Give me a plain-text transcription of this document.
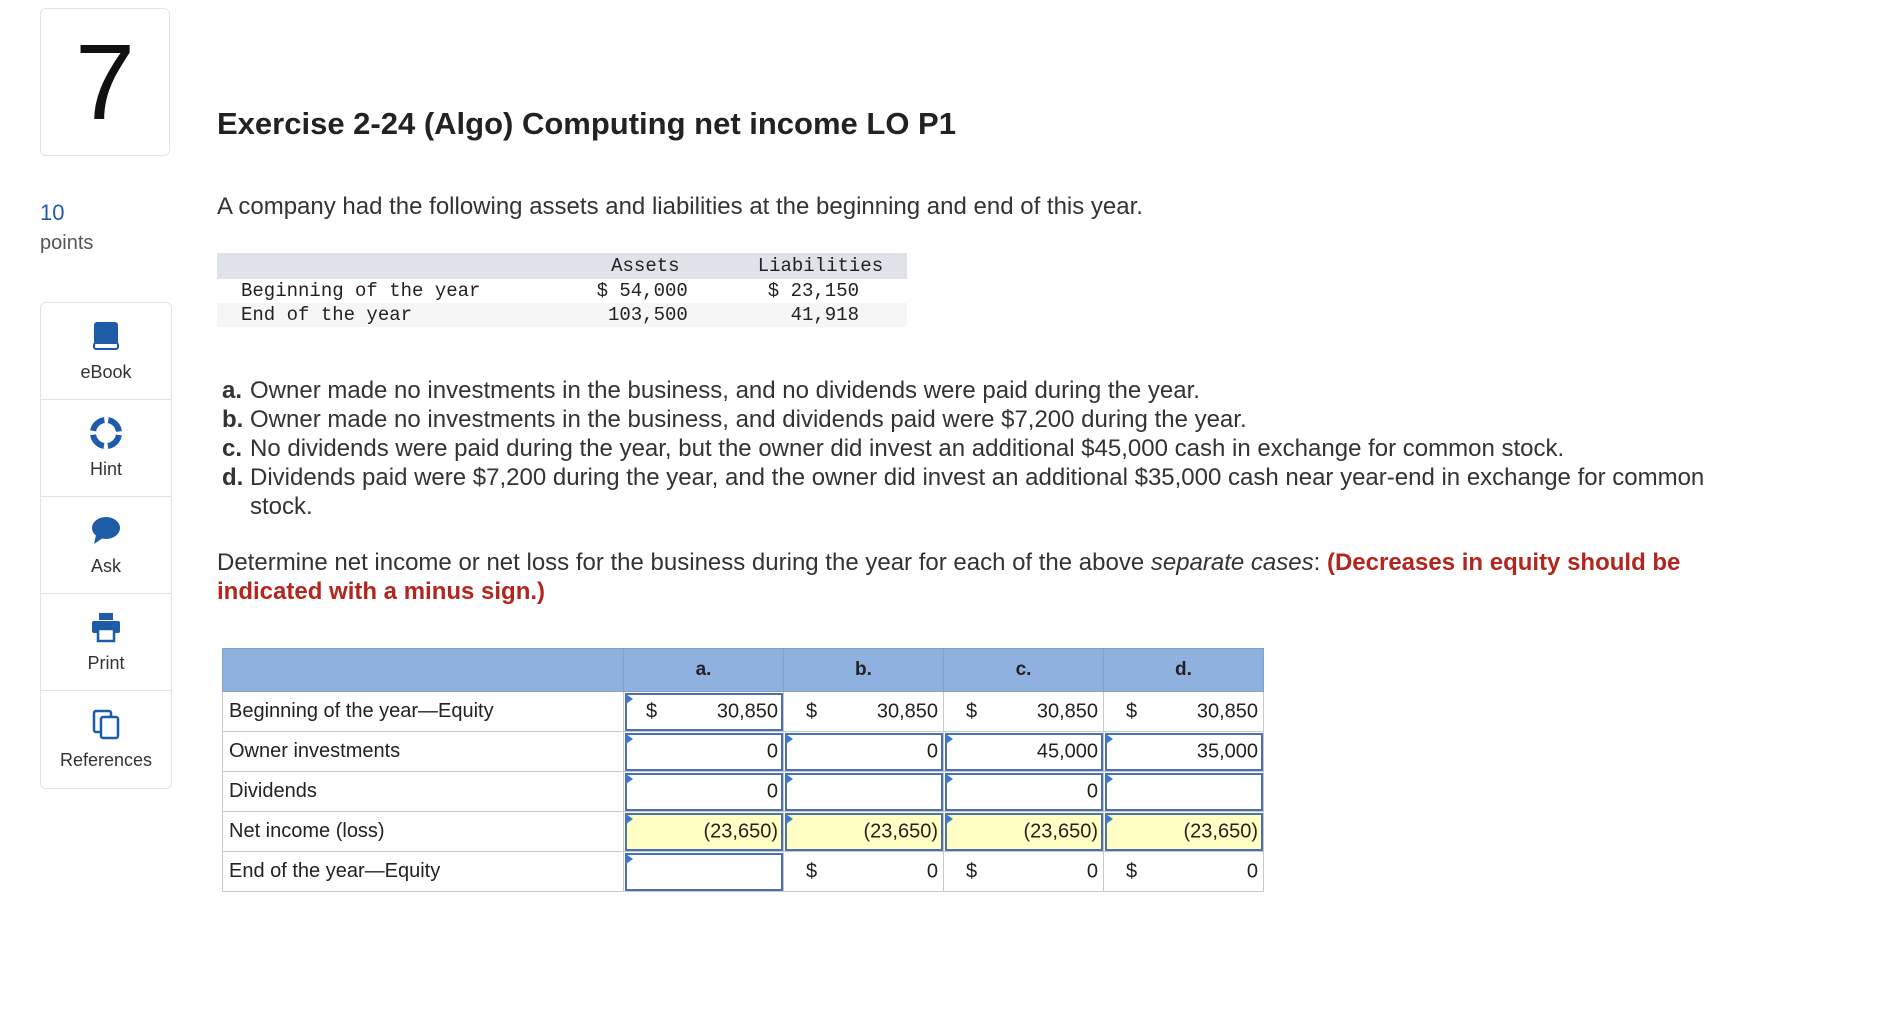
7
10
points
eBook
Hint
Ask
Print
References
Exercise 2-24 (Algo) Computing net income LO P1
A company had the following assets and liabilities at the beginning and end of this year.
	Assets	Liabilities
Beginning of the year	$ 54,000	$ 23,150
End of the year	103,500	41,918
a. Owner made no investments in the business, and no dividends were paid during the year.
b. Owner made no investments in the business, and dividends paid were $7,200 during the year.
c. No dividends were paid during the year, but the owner did invest an additional $45,000 cash in exchange for common stock.
d. Dividends paid were $7,200 during the year, and the owner did invest an additional $35,000 cash near year-end in exchange for common stock.
Determine net income or net loss for the business during the year for each of the above separate cases: (Decreases in equity should be indicated with a minus sign.)
	a.	b.	c.	d.
Beginning of the year—Equity	$ 30,850	$ 30,850	$ 30,850	$ 30,850

Owner investments	0	0	45,000	35,000

Dividends	0		0	

Net income (loss)	(23,650)	(23,650)	(23,650)	(23,650)

End of the year—Equity		$ 0	$ 0	$ 0
